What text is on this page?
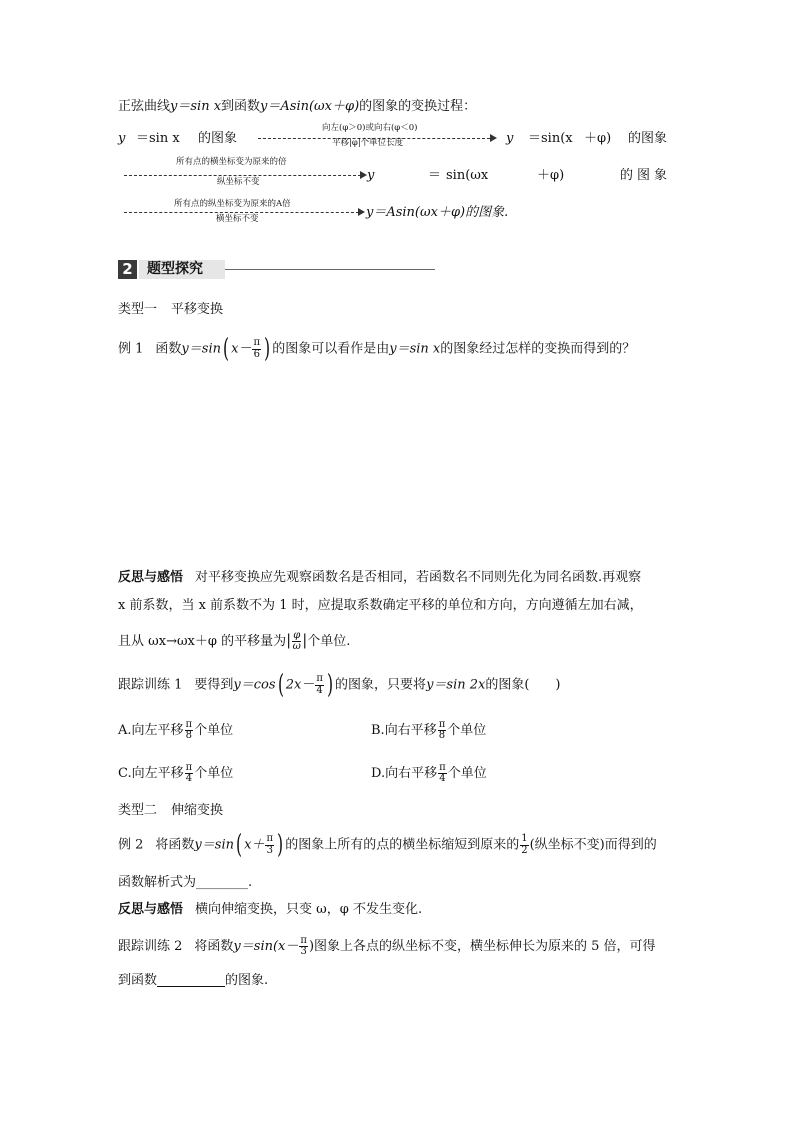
正弦曲线y＝sin x到函数y＝Asin(ωx＋φ)的图象的变换过程：
y ＝sin x 的图象
向左(φ＞0)或向右(φ＜0)
平移|φ|个单位长度	y ＝sin(x ＋φ) 的图象
所有点的横坐标变为原来的倍
纵坐标不变	y	＝ sin(ωx	＋φ)	的图象
所有点的纵坐标变为原来的A倍
横坐标不变	y＝Asin(ωx＋φ)的图象.
2	题型探究
类型一 平移变换
例 1 函数y＝sin( $x- \frac{\pi}{6}$ ) 的图象可以看作是由y＝sin x的图象经过怎样的变换而得到的？
反思与感悟 对平移变换应先观察函数名是否相同，若函数名不同则先化为同名函数.再观察
x 前系数，当 x 前系数不为 1 时，应提取系数确定平移的单位和方向，方向遵循左加右减，
且从 ωx→ωx＋φ 的平移量为| $\frac{\varphi}{\omega}$ |个单位.
跟踪训练 1 要得到y＝cos( $2x- \frac{\pi}{4}$ ) 的图象，只要将y＝sin 2x的图象(　　)
A.向左平移 $\frac{\pi}{8}$ 个单位	B.向右平移 $\frac{\pi}{8}$ 个单位
C.向左平移 $\frac{\pi}{4}$ 个单位	D.向右平移 $\frac{\pi}{4}$ 个单位
类型二 伸缩变换
例 2 将函数y＝sin( $x+ \frac{\pi}{3}$ ) 的图象上所有的点的横坐标缩短到原来的 $\frac{1}{2}$ (纵坐标不变)而得到的
函数解析式为________.
反思与感悟 横向伸缩变换，只变 ω，φ 不发生变化.
跟踪训练 2 将函数$y=\sin(x- \frac{\pi}{3}$ )图象上各点的纵坐标不变，横坐标伸长为原来的 5 倍，可得
到函数	的图象.
